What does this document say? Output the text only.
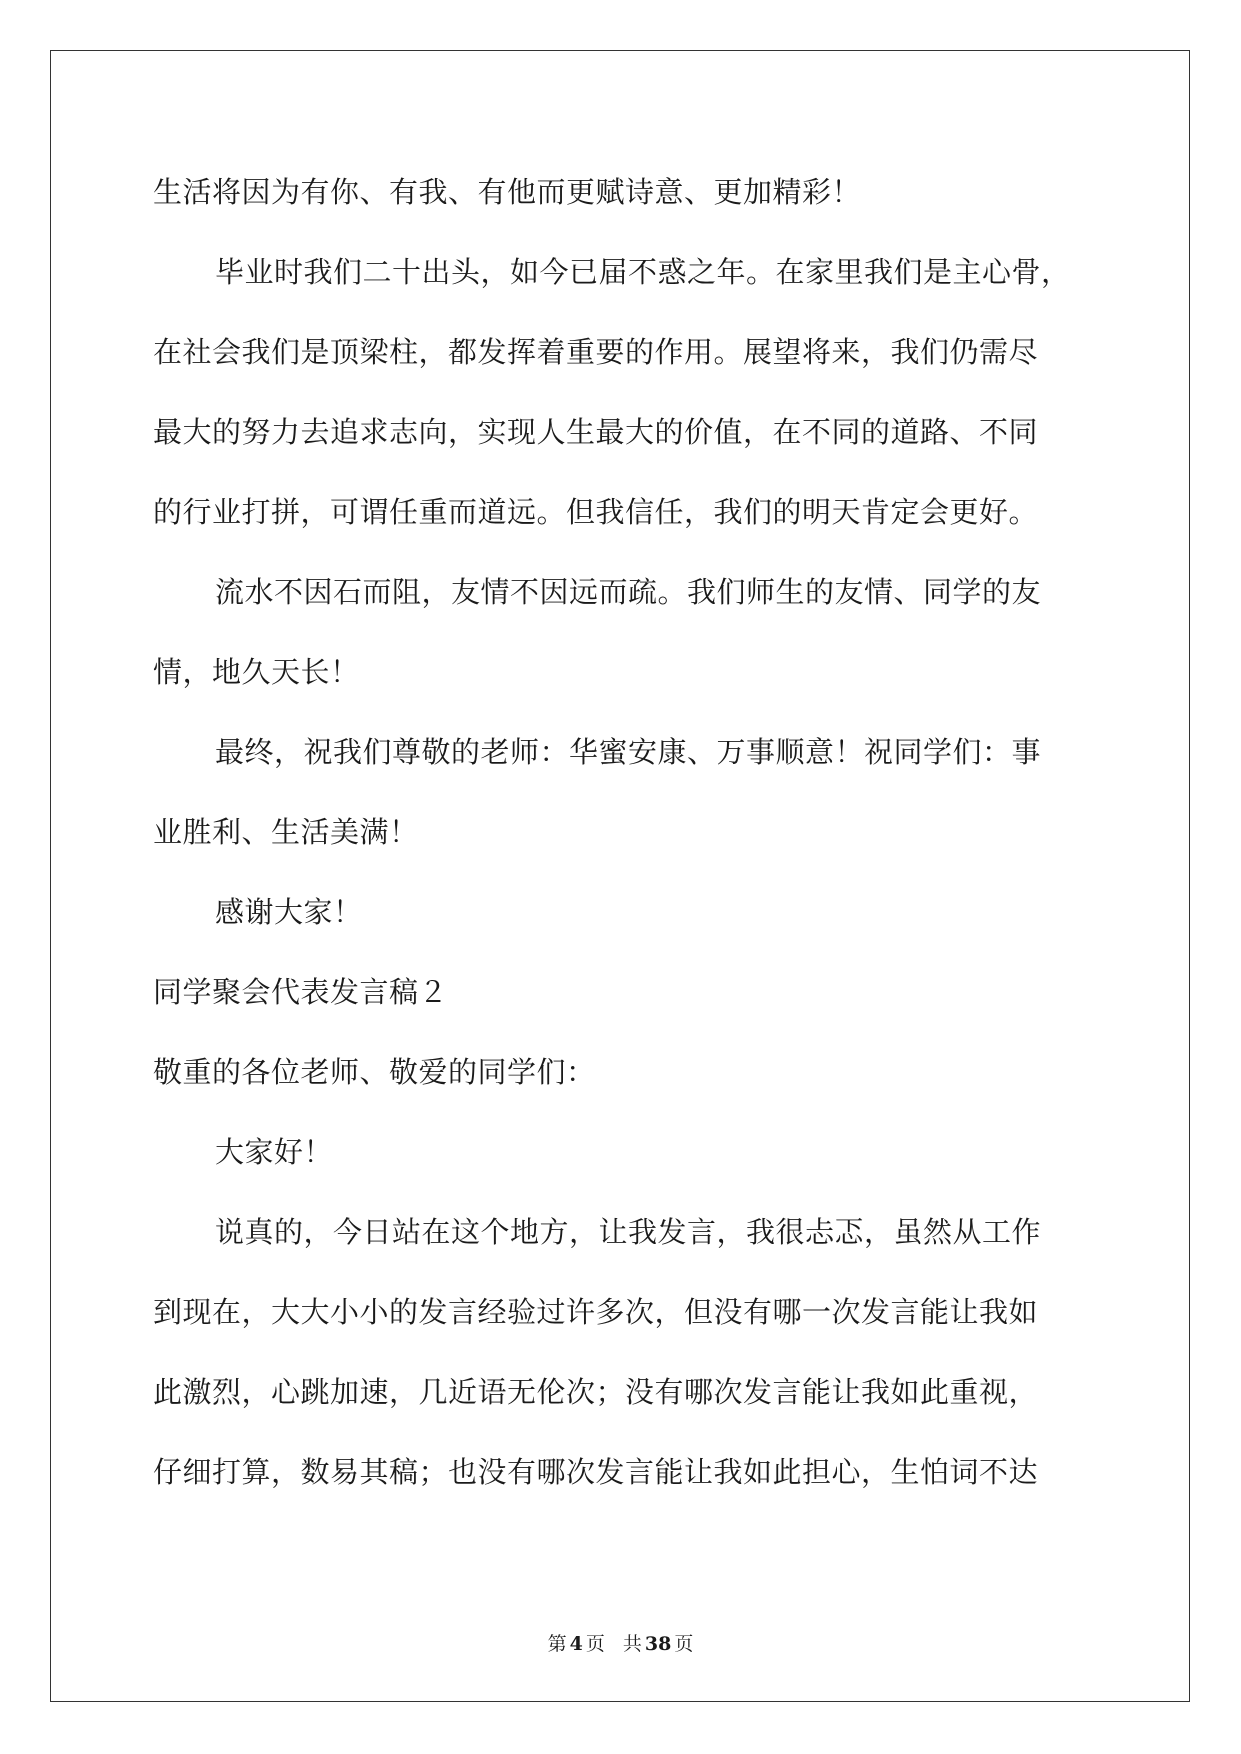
生活将因为有你、有我、有他而更赋诗意、更加精彩！
毕业时我们二十出头，如今已届不惑之年。在家里我们是主心骨，
在社会我们是顶梁柱，都发挥着重要的作用。展望将来，我们仍需尽
最大的努力去追求志向，实现人生最大的价值，在不同的道路、不同
的行业打拼，可谓任重而道远。但我信任，我们的明天肯定会更好。
流水不因石而阻，友情不因远而疏。我们师生的友情、同学的友
情，地久天长！
最终，祝我们尊敬的老师：华蜜安康、万事顺意！祝同学们：事
业胜利、生活美满！
感谢大家！
同学聚会代表发言稿２
敬重的各位老师、敬爱的同学们：
大家好！
说真的，今日站在这个地方，让我发言，我很忐忑，虽然从工作
到现在，大大小小的发言经验过许多次，但没有哪一次发言能让我如
此激烈，心跳加速，几近语无伦次；没有哪次发言能让我如此重视，
仔细打算，数易其稿；也没有哪次发言能让我如此担心，生怕词不达
第 4 页 共 38 页
